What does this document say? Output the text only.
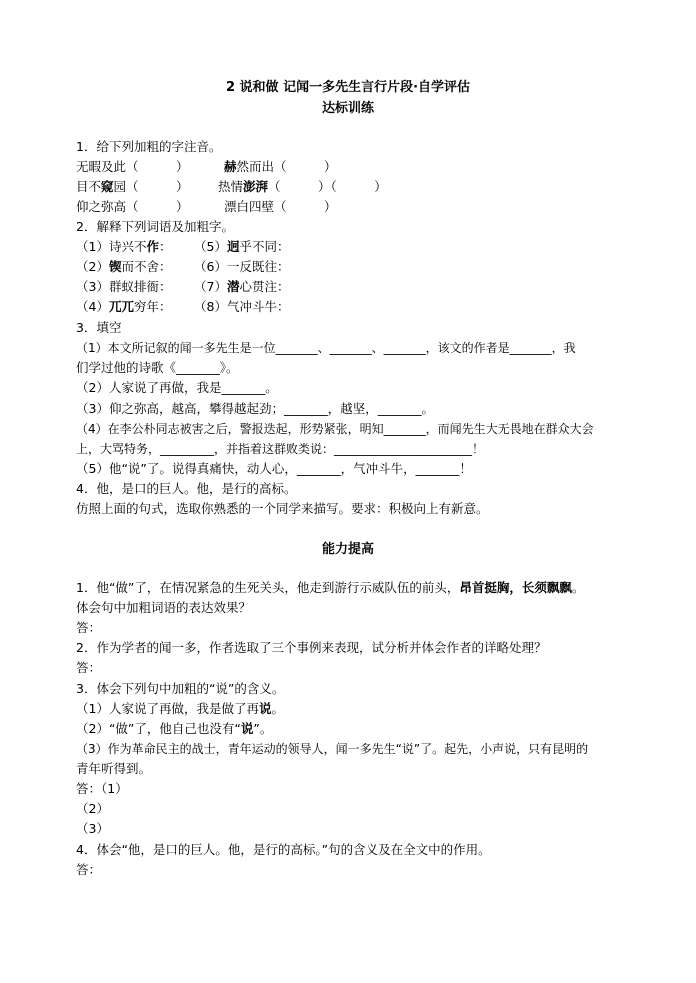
2 说和做 记闻一多先生言行片段·自学评估
达标训练
1．给下列加粗的字注音。
无暇及此（　　　）	赫然而出（　　　）
目不窥园（　　　） 热情澎湃（　　　）（　　　）
仰之弥高（　　　）	漂白四壁（　　　）
2．解释下列词语及加粗字。
（1）诗兴不作： （5）迥乎不同：
（2）锲而不舍： （6）一反既往：
（3）群蚁排衙： （7）潜心贯注：
（4）兀兀穷年： （8）气冲斗牛：
3．填空
（1）本文所记叙的闻一多先生是一位_______、_______、_______，该文的作者是_______，我
们学过他的诗歌《_______》。
（2）人家说了再做，我是_______。
（3）仰之弥高，越高，攀得越起劲；_______，越坚，_______。
（4）在李公朴同志被害之后，警报迭起，形势紧张，明知_______，而闻先生大无畏地在群众大会
上，大骂特务，_________，并指着这群败类说：_______________________！
（5）他“说”了。说得真痛快，动人心，_______，气冲斗牛，_______！
4．他，是口的巨人。他，是行的高标。
仿照上面的句式，选取你熟悉的一个同学来描写。要求：积极向上有新意。
能力提高
1．他“做”了，在情况紧急的生死关头，他走到游行示威队伍的前头，昂首挺胸，长须飘飘。
体会句中加粗词语的表达效果？
答：
2．作为学者的闻一多，作者选取了三个事例来表现，试分析并体会作者的详略处理？
答：
3．体会下列句中加粗的“说”的含义。
（1）人家说了再做，我是做了再说。
（2）“做”了，他自己也没有“说”。
（3）作为革命民主的战士，青年运动的领导人，闻一多先生“说”了。起先，小声说，只有昆明的
青年听得到。
答：（1）
（2）
（3）
4．体会“他，是口的巨人。他，是行的高标。”句的含义及在全文中的作用。
答：
